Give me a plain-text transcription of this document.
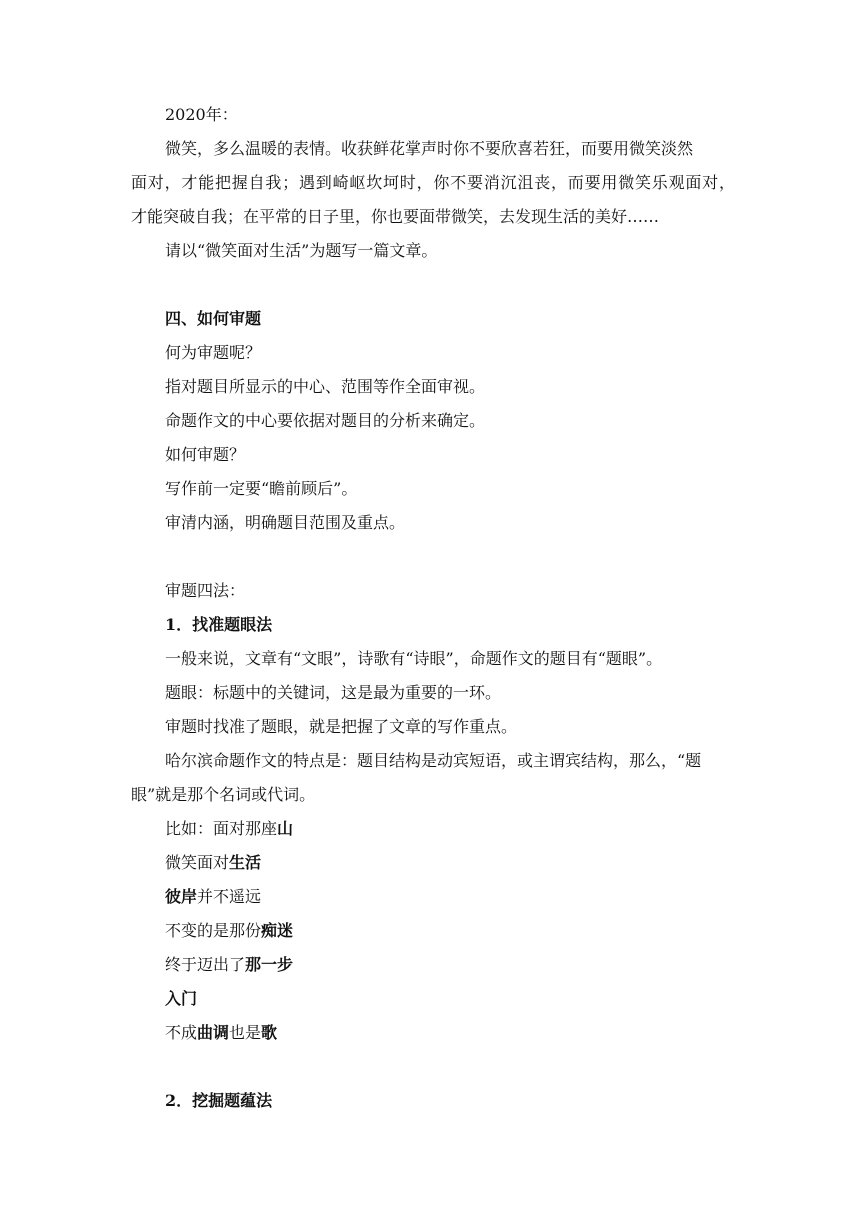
2020年：
微笑，多么温暖的表情。收获鲜花掌声时你不要欣喜若狂，而要用微笑淡然
面对，才能把握自我；遇到崎岖坎坷时，你不要消沉沮丧，而要用微笑乐观面对，
才能突破自我；在平常的日子里，你也要面带微笑，去发现生活的美好……
请以“微笑面对生活”为题写一篇文章。
四、如何审题
何为审题呢？
指对题目所显示的中心、范围等作全面审视。
命题作文的中心要依据对题目的分析来确定。
如何审题？
写作前一定要“瞻前顾后”。
审清内涵，明确题目范围及重点。
审题四法：
1．找准题眼法
一般来说，文章有“文眼”，诗歌有“诗眼”，命题作文的题目有“题眼”。
题眼：标题中的关键词，这是最为重要的一环。
审题时找准了题眼，就是把握了文章的写作重点。
哈尔滨命题作文的特点是：题目结构是动宾短语，或主谓宾结构，那么，“题
眼”就是那个名词或代词。
比如：面对那座山
微笑面对生活
彼岸并不遥远
不变的是那份痴迷
终于迈出了那一步
入门
不成曲调也是歌
2．挖掘题蕴法
